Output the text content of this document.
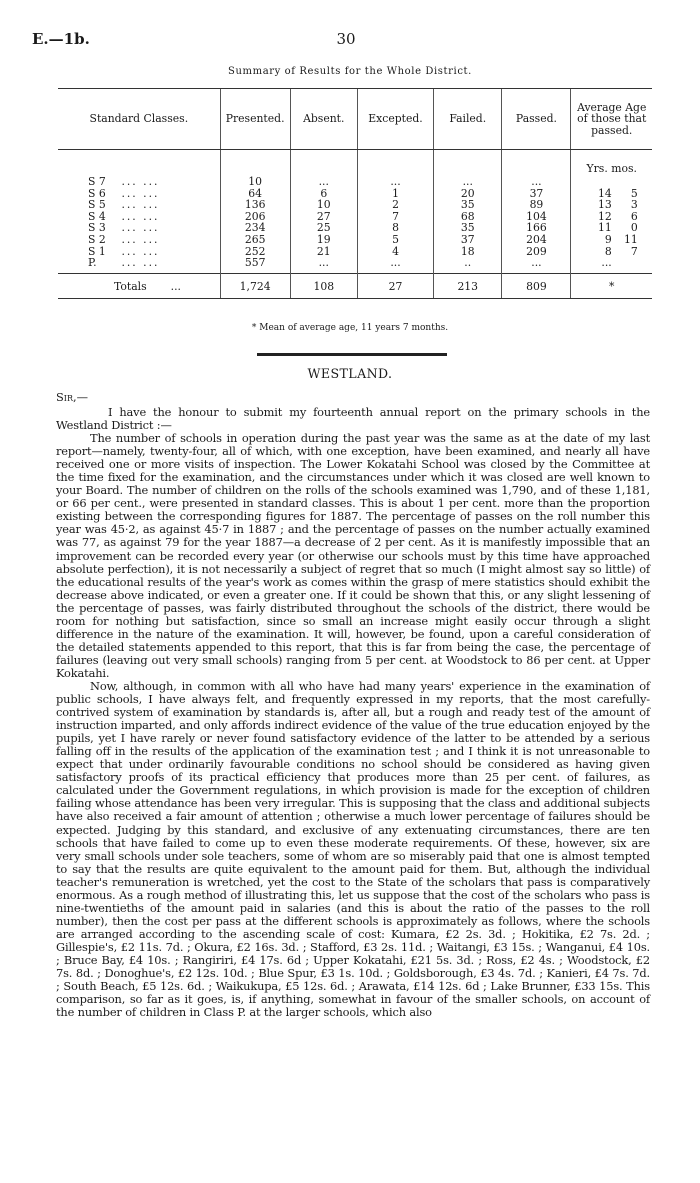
E.—1b.	30
Summary of Results for the Whole District.
Standard Classes.	Presented.	Absent.	Excepted.	Failed.	Passed.	Average Age of those that passed.
						Yrs. mos.
S 7 ... ...	10	...	...	...	...	
S 6 ... ...	64	6	1	20	37	14 5
S 5 ... ...	136	10	2	35	89	13 3
S 4 ... ...	206	27	7	68	104	12 6
S 3 ... ...	234	25	8	35	166	11 0
S 2 ... ...	265	19	5	37	204	9 11
S 1 ... ...	252	21	4	18	209	8 7
P. ... ...	557	...	...	..	...	...
Totals ...	1,724	108	27	213	809	*
* Mean of average age, 11 years 7 months.
WESTLAND.
Sir,—

I have the honour to submit my fourteenth annual report on the primary schools in the Westland District :—

The number of schools in operation during the past year was the same as at the date of my last report—namely, twenty-four, all of which, with one exception, have been examined, and nearly all have received one or more visits of inspection. The Lower Kokatahi School was closed by the Committee at the time fixed for the examination, and the circumstances under which it was closed are well known to your Board. The number of children on the rolls of the schools examined was 1,790, and of these 1,181, or 66 per cent., were presented in standard classes. This is about 1 per cent. more than the proportion existing between the corresponding figures for 1887. The percentage of passes on the roll number this year was 45·2, as against 45·7 in 1887 ; and the percentage of passes on the number actually examined was 77, as against 79 for the year 1887—a decrease of 2 per cent. As it is manifestly impossible that an improvement can be recorded every year (or otherwise our schools must by this time have approached absolute perfection), it is not necessarily a subject of regret that so much (I might almost say so little) of the educational results of the year's work as comes within the grasp of mere statistics should exhibit the decrease above indicated, or even a greater one. If it could be shown that this, or any slight lessening of the percentage of passes, was fairly distributed throughout the schools of the district, there would be room for nothing but satisfaction, since so small an increase might easily occur through a slight difference in the nature of the examination. It will, however, be found, upon a careful consideration of the detailed statements appended to this report, that this is far from being the case, the percentage of failures (leaving out very small schools) ranging from 5 per cent. at Woodstock to 86 per cent. at Upper Kokatahi.

Now, although, in common with all who have had many years' experience in the examination of public schools, I have always felt, and frequently expressed in my reports, that the most carefully-contrived system of examination by standards is, after all, but a rough and ready test of the amount of instruction imparted, and only affords indirect evidence of the value of the true education enjoyed by the pupils, yet I have rarely or never found satisfactory evidence of the latter to be attended by a serious falling off in the results of the application of the examination test ; and I think it is not unreasonable to expect that under ordinarily favourable conditions no school should be considered as having given satisfactory proofs of its practical efficiency that produces more than 25 per cent. of failures, as calculated under the Government regulations, in which provision is made for the exception of children failing whose attendance has been very irregular. This is supposing that the class and additional subjects have also received a fair amount of attention ; otherwise a much lower percentage of failures should be expected. Judging by this standard, and exclusive of any extenuating circumstances, there are ten schools that have failed to come up to even these moderate requirements. Of these, however, six are very small schools under sole teachers, some of whom are so miserably paid that one is almost tempted to say that the results are quite equivalent to the amount paid for them. But, although the individual teacher's remuneration is wretched, yet the cost to the State of the scholars that pass is comparatively enormous. As a rough method of illustrating this, let us suppose that the cost of the scholars who pass is nine-twentieths of the amount paid in salaries (and this is about the ratio of the passes to the roll number), then the cost per pass at the different schools is approximately as follows, where the schools are arranged according to the ascending scale of cost: Kumara, £2 2s. 3d. ; Hokitika, £2 7s. 2d. ; Gillespie's, £2 11s. 7d. ; Okura, £2 16s. 3d. ; Stafford, £3 2s. 11d. ; Waitangi, £3 15s. ; Wanganui, £4 10s. ; Bruce Bay, £4 10s. ; Rangiriri, £4 17s. 6d ; Upper Kokatahi, £21 5s. 3d. ; Ross, £2 4s. ; Woodstock, £2 7s. 8d. ; Donoghue's, £2 12s. 10d. ; Blue Spur, £3 1s. 10d. ; Goldsborough, £3 4s. 7d. ; Kanieri, £4 7s. 7d. ; South Beach, £5 12s. 6d. ; Waikukupa, £5 12s. 6d. ; Arawata, £14 12s. 6d ; Lake Brunner, £33 15s. This comparison, so far as it goes, is, if anything, somewhat in favour of the smaller schools, on account of the number of children in Class P. at the larger schools, which also
